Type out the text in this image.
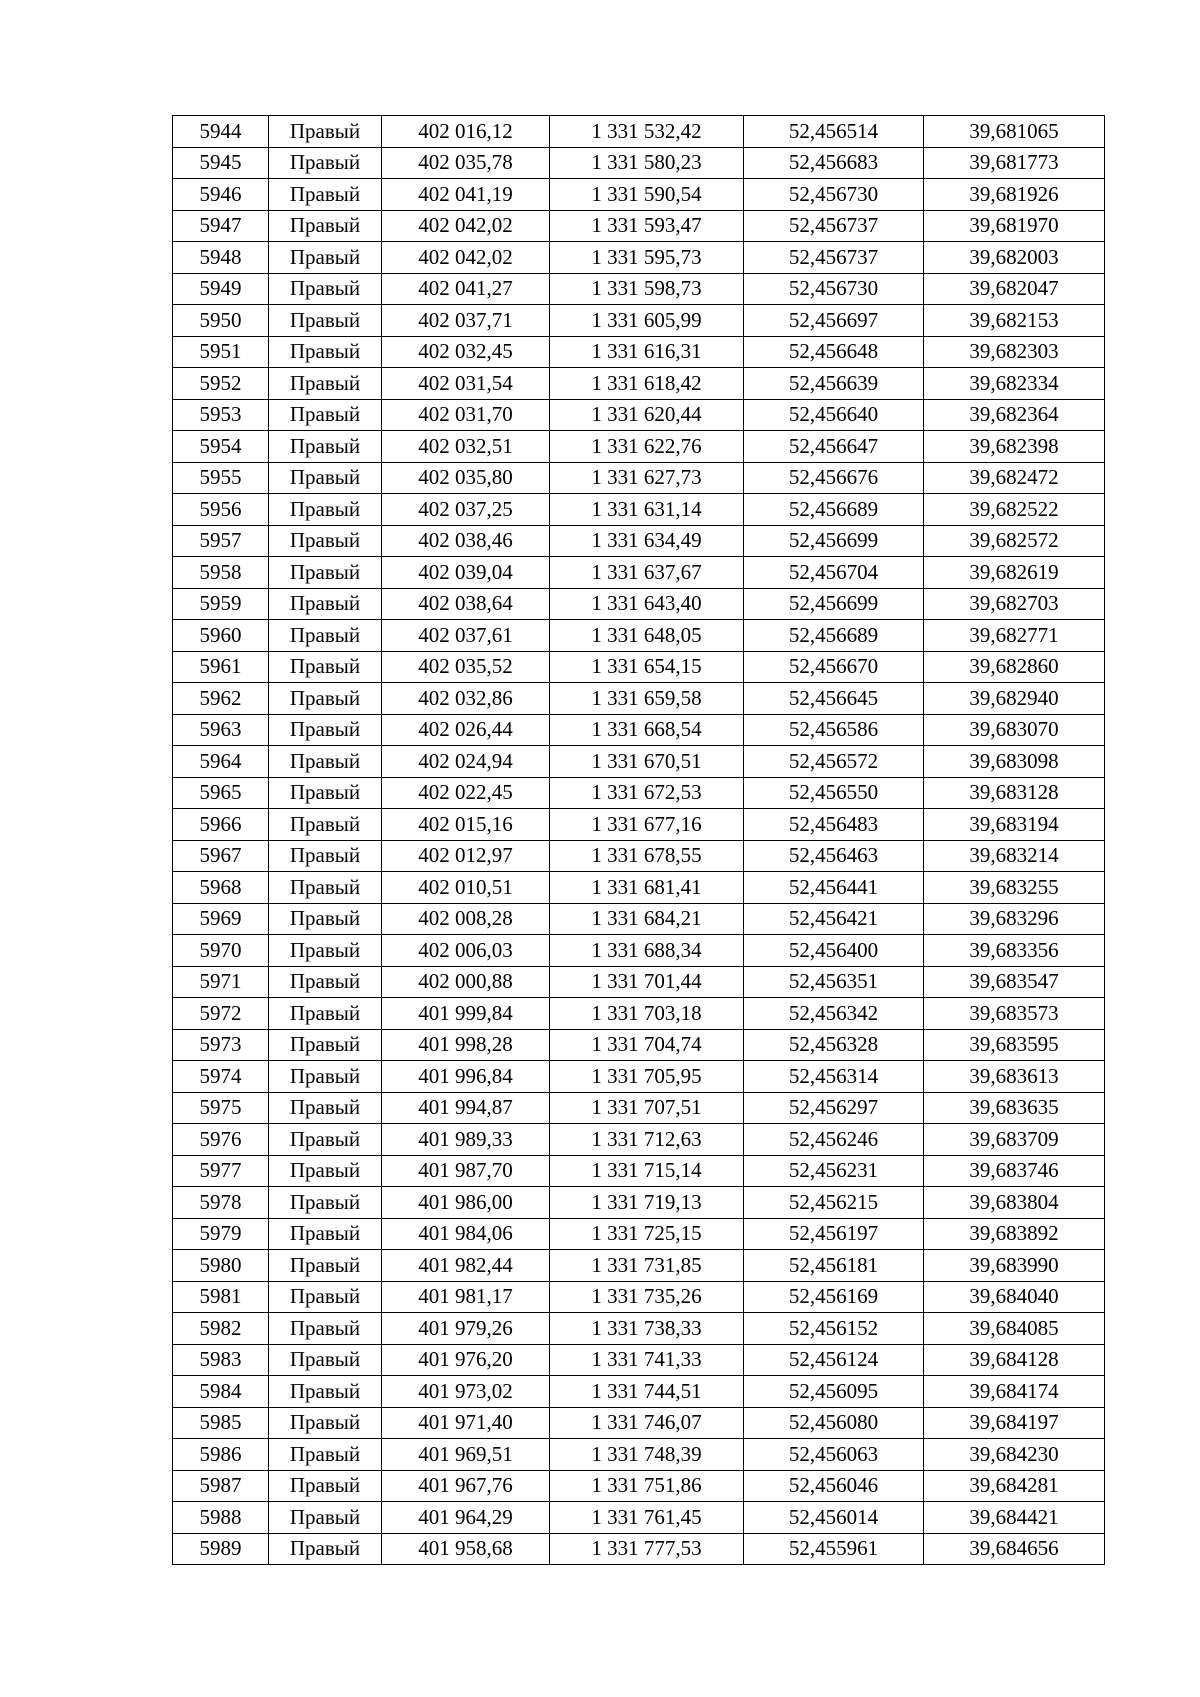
5944	Правый	402 016,12	1 331 532,42	52,456514	39,681065
5945	Правый	402 035,78	1 331 580,23	52,456683	39,681773
5946	Правый	402 041,19	1 331 590,54	52,456730	39,681926
5947	Правый	402 042,02	1 331 593,47	52,456737	39,681970
5948	Правый	402 042,02	1 331 595,73	52,456737	39,682003
5949	Правый	402 041,27	1 331 598,73	52,456730	39,682047
5950	Правый	402 037,71	1 331 605,99	52,456697	39,682153
5951	Правый	402 032,45	1 331 616,31	52,456648	39,682303
5952	Правый	402 031,54	1 331 618,42	52,456639	39,682334
5953	Правый	402 031,70	1 331 620,44	52,456640	39,682364
5954	Правый	402 032,51	1 331 622,76	52,456647	39,682398
5955	Правый	402 035,80	1 331 627,73	52,456676	39,682472
5956	Правый	402 037,25	1 331 631,14	52,456689	39,682522
5957	Правый	402 038,46	1 331 634,49	52,456699	39,682572
5958	Правый	402 039,04	1 331 637,67	52,456704	39,682619
5959	Правый	402 038,64	1 331 643,40	52,456699	39,682703
5960	Правый	402 037,61	1 331 648,05	52,456689	39,682771
5961	Правый	402 035,52	1 331 654,15	52,456670	39,682860
5962	Правый	402 032,86	1 331 659,58	52,456645	39,682940
5963	Правый	402 026,44	1 331 668,54	52,456586	39,683070
5964	Правый	402 024,94	1 331 670,51	52,456572	39,683098
5965	Правый	402 022,45	1 331 672,53	52,456550	39,683128
5966	Правый	402 015,16	1 331 677,16	52,456483	39,683194
5967	Правый	402 012,97	1 331 678,55	52,456463	39,683214
5968	Правый	402 010,51	1 331 681,41	52,456441	39,683255
5969	Правый	402 008,28	1 331 684,21	52,456421	39,683296
5970	Правый	402 006,03	1 331 688,34	52,456400	39,683356
5971	Правый	402 000,88	1 331 701,44	52,456351	39,683547
5972	Правый	401 999,84	1 331 703,18	52,456342	39,683573
5973	Правый	401 998,28	1 331 704,74	52,456328	39,683595
5974	Правый	401 996,84	1 331 705,95	52,456314	39,683613
5975	Правый	401 994,87	1 331 707,51	52,456297	39,683635
5976	Правый	401 989,33	1 331 712,63	52,456246	39,683709
5977	Правый	401 987,70	1 331 715,14	52,456231	39,683746
5978	Правый	401 986,00	1 331 719,13	52,456215	39,683804
5979	Правый	401 984,06	1 331 725,15	52,456197	39,683892
5980	Правый	401 982,44	1 331 731,85	52,456181	39,683990
5981	Правый	401 981,17	1 331 735,26	52,456169	39,684040
5982	Правый	401 979,26	1 331 738,33	52,456152	39,684085
5983	Правый	401 976,20	1 331 741,33	52,456124	39,684128
5984	Правый	401 973,02	1 331 744,51	52,456095	39,684174
5985	Правый	401 971,40	1 331 746,07	52,456080	39,684197
5986	Правый	401 969,51	1 331 748,39	52,456063	39,684230
5987	Правый	401 967,76	1 331 751,86	52,456046	39,684281
5988	Правый	401 964,29	1 331 761,45	52,456014	39,684421
5989	Правый	401 958,68	1 331 777,53	52,455961	39,684656
